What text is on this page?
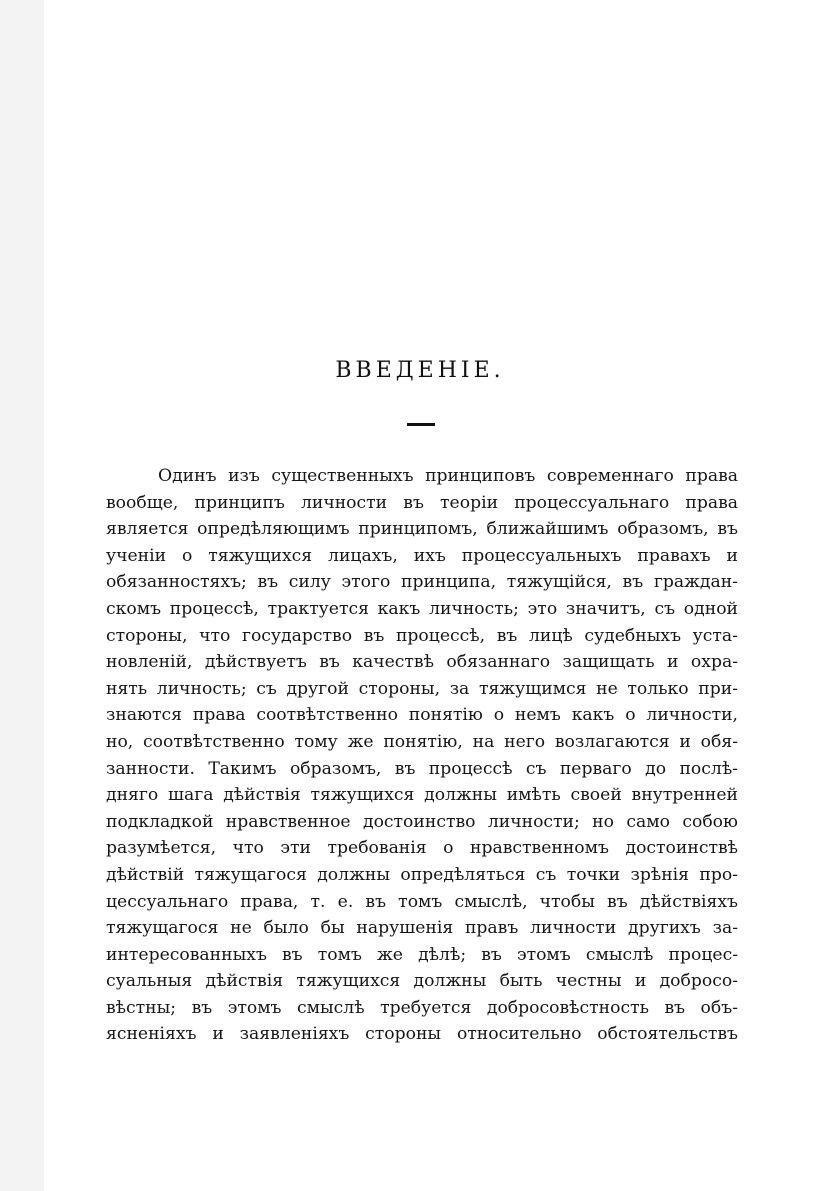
ВВЕДЕНІЕ.
Одинъ изъ существенныхъ принциповъ современнаго права
вообще, принципъ личности въ теоріи процессуальнаго права
является опредѣляющимъ принципомъ, ближайшимъ образомъ, въ
ученіи о тяжущихся лицахъ, ихъ процессуальныхъ правахъ и
обязанностяхъ; въ силу этого принципа, тяжущійся, въ граждан-
скомъ процессѣ, трактуется какъ личность; это значитъ, съ одной
стороны, что государство въ процессѣ, въ лицѣ судебныхъ уста-
новленій, дѣйствуетъ въ качествѣ обязаннаго защищать и охра-
нять личность; съ другой стороны, за тяжущимся не только при-
знаются права соотвѣтственно понятію о немъ какъ о личности,
но, соотвѣтственно тому же понятію, на него возлагаются и обя-
занности. Такимъ образомъ, въ процессѣ съ перваго до послѣ-
дняго шага дѣйствія тяжущихся должны имѣть своей внутренней
подкладкой нравственное достоинство личности; но само собою
разумѣется, что эти требованія о нравственномъ достоинствѣ
дѣйствій тяжущагося должны опредѣляться съ точки зрѣнія про-
цессуальнаго права, т. е. въ томъ смыслѣ, чтобы въ дѣйствіяхъ
тяжущагося не было бы нарушенія правъ личности другихъ за-
интересованныхъ въ томъ же дѣлѣ; въ этомъ смыслѣ процес-
суальныя дѣйствія тяжущихся должны быть честны и добросо-
вѣстны; въ этомъ смыслѣ требуется добросовѣстность въ объ-
ясненіяхъ и заявленіяхъ стороны относительно обстоятельствъ
